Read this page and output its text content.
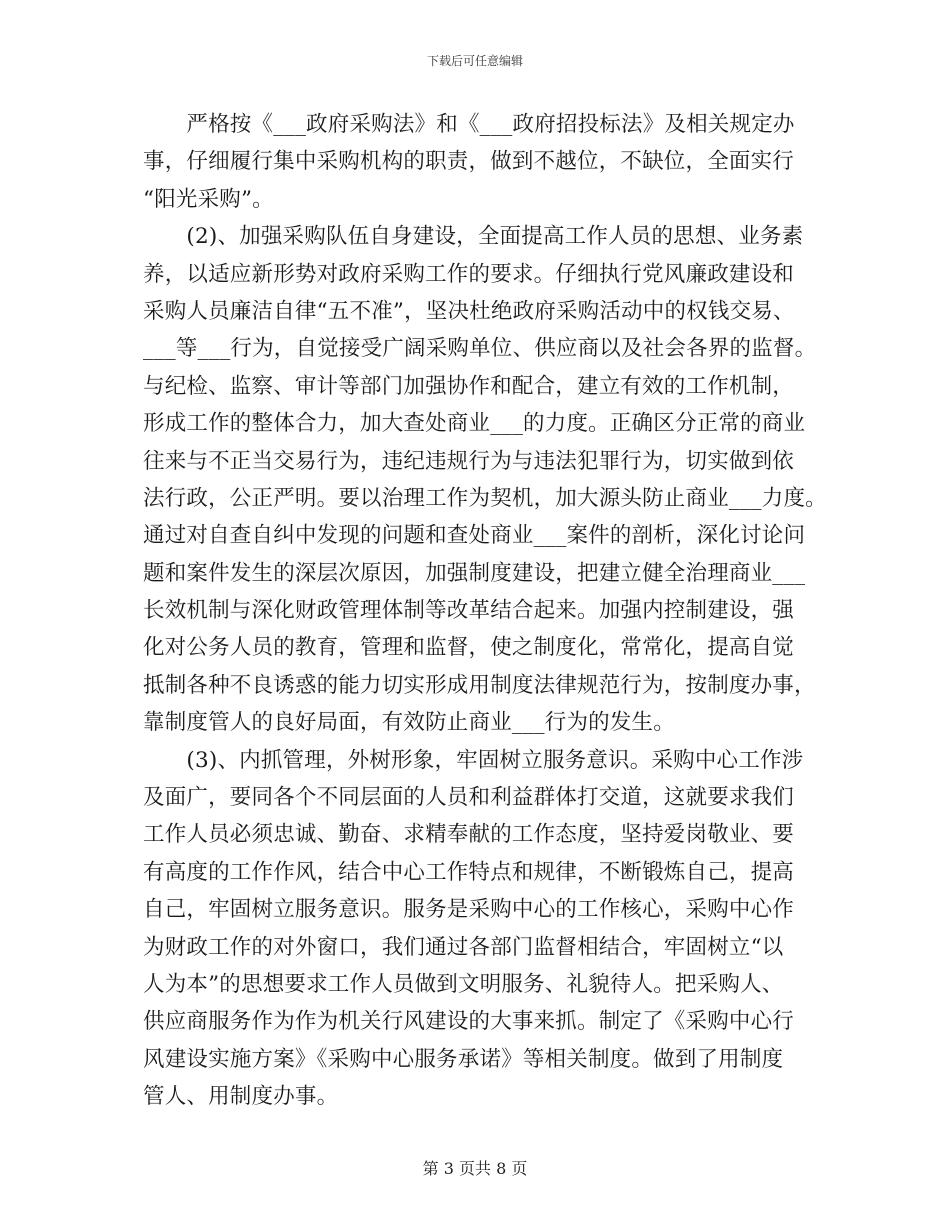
下载后可任意编辑
　　严格按《___政府采购法》和《___政府招投标法》及相关规定办
事，仔细履行集中采购机构的职责，做到不越位，不缺位，全面实行
“阳光采购”。
　　(2)、加强采购队伍自身建设，全面提高工作人员的思想、业务素
养，以适应新形势对政府采购工作的要求。仔细执行党风廉政建设和
采购人员廉洁自律“五不准”，坚决杜绝政府采购活动中的权钱交易、
___等___行为，自觉接受广阔采购单位、供应商以及社会各界的监督。
与纪检、监察、审计等部门加强协作和配合，建立有效的工作机制，
形成工作的整体合力，加大查处商业___的力度。正确区分正常的商业
往来与不正当交易行为，违纪违规行为与违法犯罪行为，切实做到依
法行政，公正严明。要以治理工作为契机，加大源头防止商业___力度。
通过对自查自纠中发现的问题和查处商业___案件的剖析，深化讨论问
题和案件发生的深层次原因，加强制度建设，把建立健全治理商业___
长效机制与深化财政管理体制等改革结合起来。加强内控制建设，强
化对公务人员的教育，管理和监督，使之制度化，常常化，提高自觉
抵制各种不良诱惑的能力切实形成用制度法律规范行为，按制度办事，
靠制度管人的良好局面，有效防止商业___行为的发生。
　　(3)、内抓管理，外树形象，牢固树立服务意识。采购中心工作涉
及面广，要同各个不同层面的人员和利益群体打交道，这就要求我们
工作人员必须忠诚、勤奋、求精奉献的工作态度，坚持爱岗敬业、要
有高度的工作作风，结合中心工作特点和规律，不断锻炼自己，提高
自己，牢固树立服务意识。服务是采购中心的工作核心，采购中心作
为财政工作的对外窗口，我们通过各部门监督相结合，牢固树立“以
人为本”的思想要求工作人员做到文明服务、礼貌待人。把采购人、
供应商服务作为作为机关行风建设的大事来抓。制定了《采购中心行
风建设实施方案》《采购中心服务承诺》等相关制度。做到了用制度
管人、用制度办事。
第 3 页共 8 页
